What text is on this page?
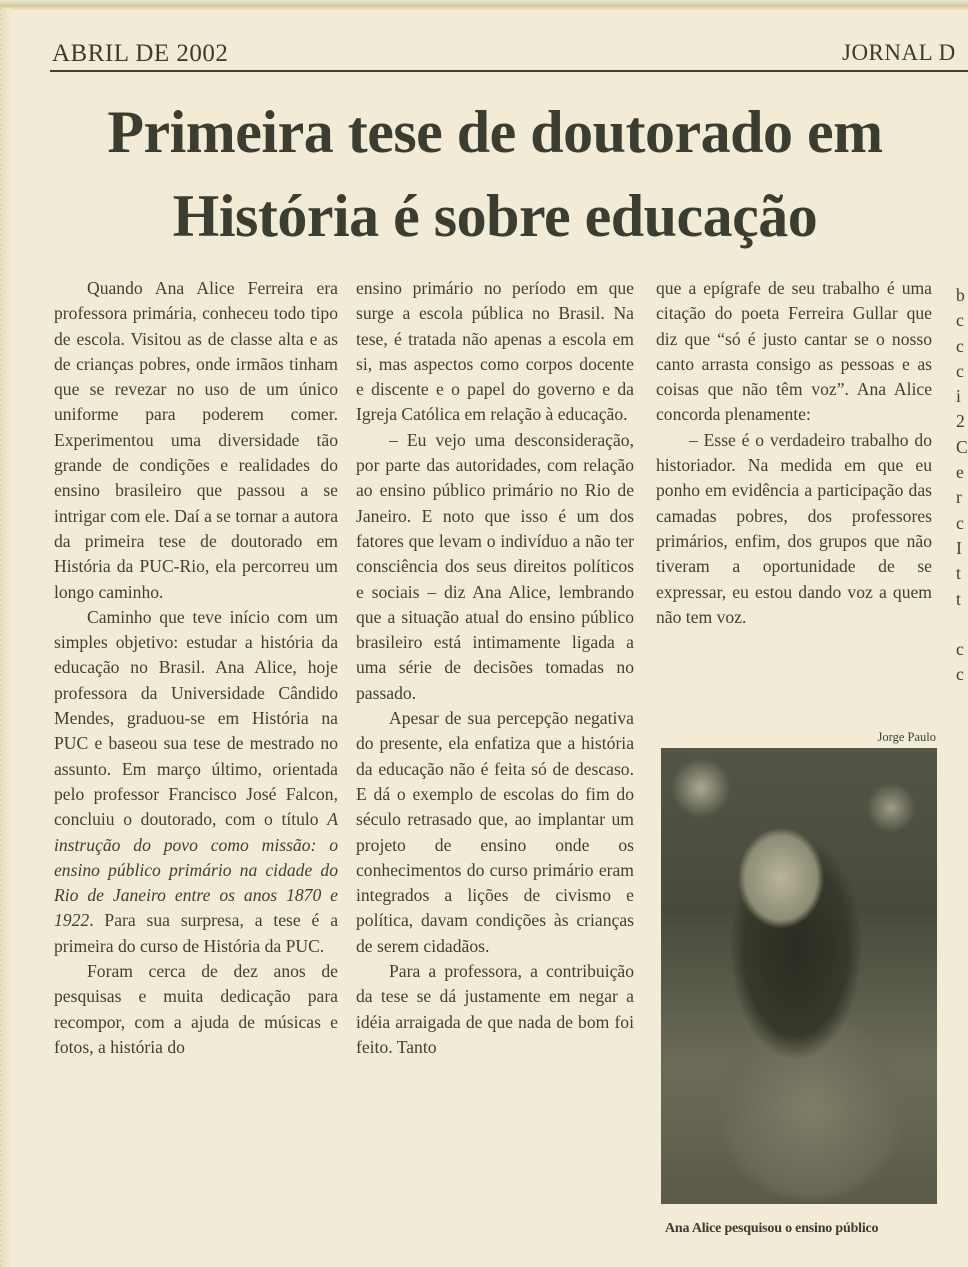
ABRIL DE 2002	JORNAL D
Primeira tese de doutorado em
História é sobre educação

Quando Ana Alice Ferreira era professora primária, conheceu todo tipo de escola. Visitou as de classe alta e as de crianças pobres, onde irmãos tinham que se revezar no uso de um único uniforme para poderem comer. Experimentou uma diversidade tão grande de condições e realidades do ensino brasileiro que passou a se intrigar com ele. Daí a se tornar a autora da primeira tese de doutorado em História da PUC-Rio, ela percorreu um longo caminho.

Caminho que teve início com um simples objetivo: estudar a história da educação no Brasil. Ana Alice, hoje professora da Universidade Cândido Mendes, graduou-se em História na PUC e baseou sua tese de mestrado no assunto. Em março último, orientada pelo professor Francisco José Falcon, concluiu o doutorado, com o título A instrução do povo como missão: o ensino público primário na cidade do Rio de Janeiro entre os anos 1870 e 1922. Para sua surpresa, a tese é a primeira do curso de História da PUC.

Foram cerca de dez anos de pesquisas e muita dedicação para recompor, com a ajuda de músicas e fotos, a história do

ensino primário no período em que surge a escola pública no Brasil. Na tese, é tratada não apenas a escola em si, mas aspectos como corpos docente e discente e o papel do governo e da Igreja Católica em relação à educação.

– Eu vejo uma desconsideração, por parte das autoridades, com relação ao ensino público primário no Rio de Janeiro. E noto que isso é um dos fatores que levam o indivíduo a não ter consciência dos seus direitos políticos e sociais – diz Ana Alice, lembrando que a situação atual do ensino público brasileiro está intimamente ligada a uma série de decisões tomadas no passado.

Apesar de sua percepção negativa do presente, ela enfatiza que a história da educação não é feita só de descaso. E dá o exemplo de escolas do fim do século retrasado que, ao implantar um projeto de ensino onde os conhecimentos do curso primário eram integrados a lições de civismo e política, davam condições às crianças de serem cidadãos.

Para a professora, a contribuição da tese se dá justamente em negar a idéia arraigada de que nada de bom foi feito. Tanto

que a epígrafe de seu trabalho é uma citação do poeta Ferreira Gullar que diz que “só é justo cantar se o nosso canto arrasta consigo as pessoas e as coisas que não têm voz”. Ana Alice concorda plenamente:

– Esse é o verdadeiro trabalho do historiador. Na medida em que eu ponho em evidência a participação das camadas pobres, dos professores primários, enfim, dos grupos que não tiveram a oportunidade de se expressar, eu estou dando voz a quem não tem voz.

Jorge Paulo
Ana Alice pesquisou o ensino público
b
c
c
c
i
2
C
e
r
c
I
t
t
c
c
